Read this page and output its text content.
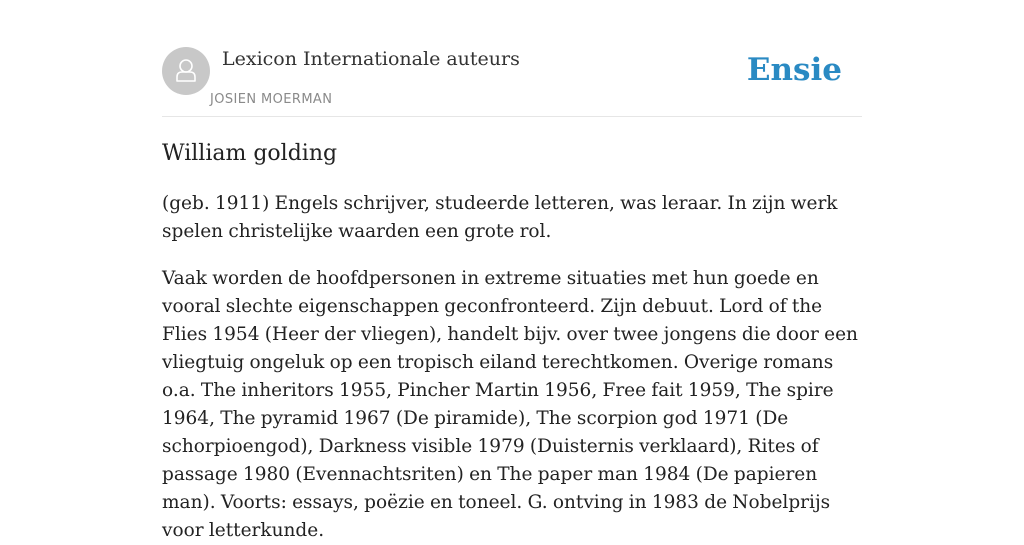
Lexicon Internationale auteurs
JOSIEN MOERMAN
Ensie
William golding

(geb. 1911) Engels schrijver, studeerde letteren, was leraar. In zijn werk spelen christelijke waarden een grote rol.

Vaak worden de hoofdpersonen in extreme situaties met hun goede en vooral slechte eigenschappen geconfronteerd. Zijn debuut. Lord of the Flies 1954 (Heer der vliegen), handelt bijv. over twee jongens die door een vliegtuig ongeluk op een tropisch eiland terechtkomen. Overige romans o.a. The inheritors 1955, Pincher Martin 1956, Free fait 1959, The spire 1964, The pyramid 1967 (De piramide), The scorpion god 1971 (De schorpioengod), Darkness visible 1979 (Duisternis verklaard), Rites of passage 1980 (Evennachtsriten) en The paper man 1984 (De papieren man). Voorts: essays, poëzie en toneel. G. ontving in 1983 de Nobelprijs voor letterkunde.
